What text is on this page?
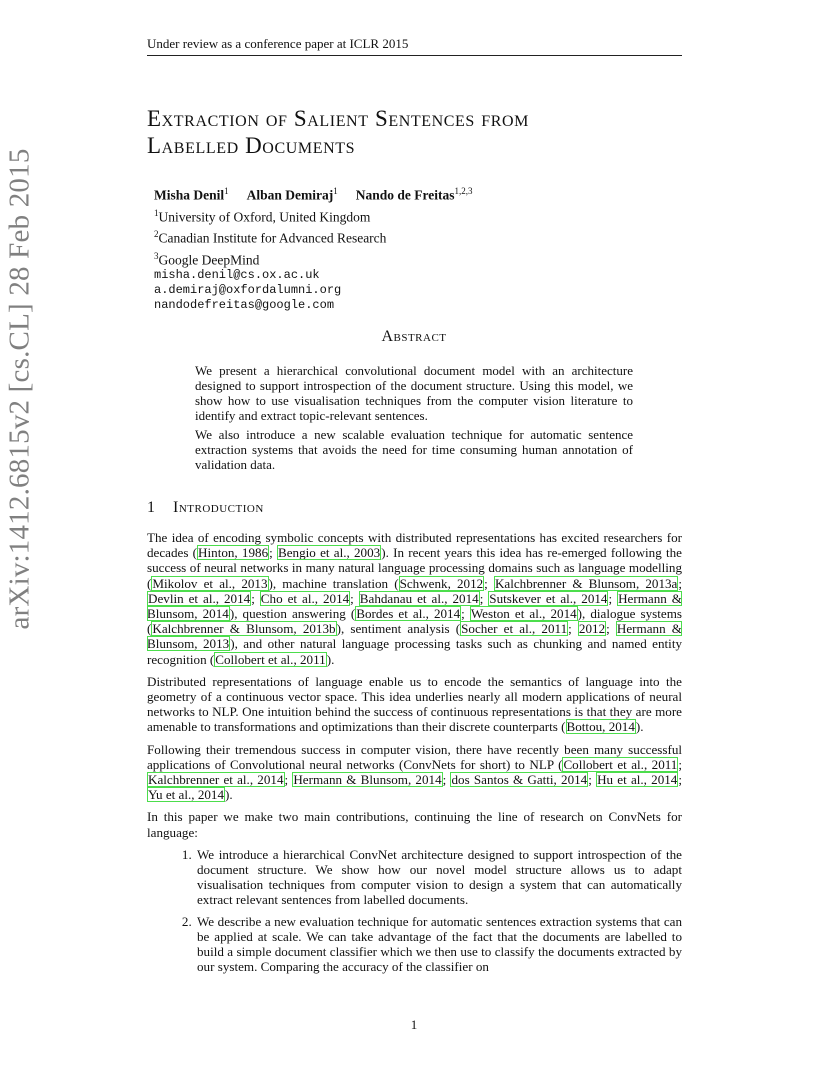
Under review as a conference paper at ICLR 2015
arXiv:1412.6815v2 [cs.CL] 28 Feb 2015
Extraction of Salient Sentences from
Labelled Documents
Misha Denil$^1$ Alban Demiraj$^1$ Nando de Freitas$^{1,2,3}$
$^1$University of Oxford, United Kingdom
$^2$Canadian Institute for Advanced Research
$^3$Google DeepMind
misha.denil@cs.ox.ac.uk
a.demiraj@oxfordalumni.org
nandodefreitas@google.com
Abstract

We present a hierarchical convolutional document model with an architecture designed to support introspection of the document structure. Using this model, we show how to use visualisation techniques from the computer vision literature to identify and extract topic-relevant sentences.

We also introduce a new scalable evaluation technique for automatic sentence extraction systems that avoids the need for time consuming human annotation of validation data.

1 Introduction

The idea of encoding symbolic concepts with distributed representations has excited researchers for decades (Hinton, 1986; Bengio et al., 2003). In recent years this idea has re-emerged following the success of neural networks in many natural language processing domains such as language modelling (Mikolov et al., 2013), machine translation (Schwenk, 2012; Kalchbrenner & Blunsom, 2013a; Devlin et al., 2014; Cho et al., 2014; Bahdanau et al., 2014; Sutskever et al., 2014; Hermann & Blunsom, 2014), question answering (Bordes et al., 2014; Weston et al., 2014), dialogue systems (Kalchbrenner & Blunsom, 2013b), sentiment analysis (Socher et al., 2011; 2012; Hermann & Blunsom, 2013), and other natural language processing tasks such as chunking and named entity recognition (Collobert et al., 2011).

Distributed representations of language enable us to encode the semantics of language into the geometry of a continuous vector space. This idea underlies nearly all modern applications of neural networks to NLP. One intuition behind the success of continuous representations is that they are more amenable to transformations and optimizations than their discrete counterparts (Bottou, 2014).

Following their tremendous success in computer vision, there have recently been many successful applications of Convolutional neural networks (ConvNets for short) to NLP (Collobert et al., 2011; Kalchbrenner et al., 2014; Hermann & Blunsom, 2014; dos Santos & Gatti, 2014; Hu et al., 2014; Yu et al., 2014).

In this paper we make two main contributions, continuing the line of research on ConvNets for language:

1. We introduce a hierarchical ConvNet architecture designed to support introspection of the document structure. We show how our novel model structure allows us to adapt visualisation techniques from computer vision to design a system that can automatically extract relevant sentences from labelled documents.
2. We describe a new evaluation technique for automatic sentences extraction systems that can be applied at scale. We can take advantage of the fact that the documents are labelled to build a simple document classifier which we then use to classify the documents extracted by our system. Comparing the accuracy of the classifier on
1
